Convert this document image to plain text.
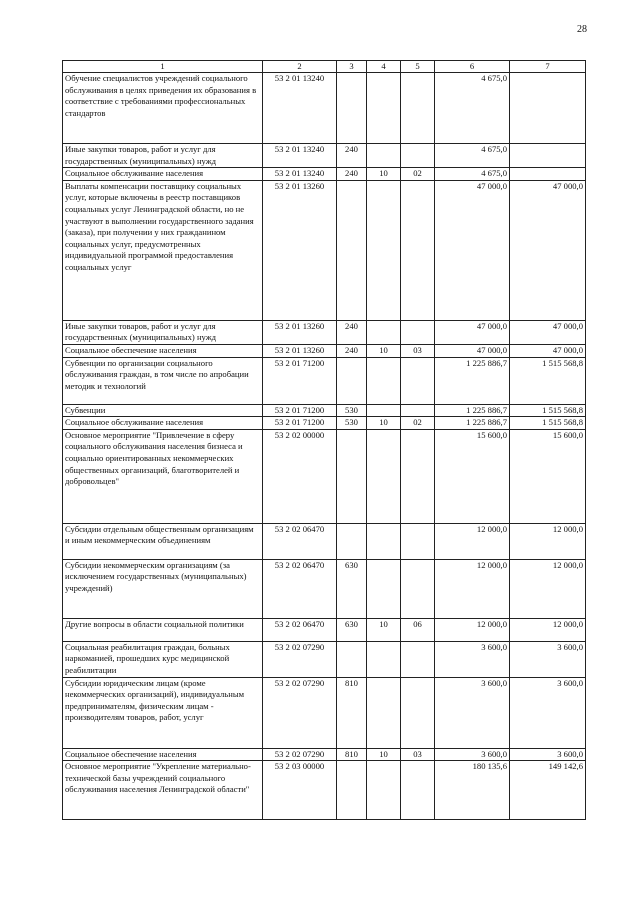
28
1	2	3	4	5	6	7
Обучение специалистов учреждений социального обслуживания в целях приведения их образования в соответствие с требованиями профессиональных стандартов	53 2 01 13240				4 675,0	
Иные закупки товаров, работ и услуг для государственных (муниципальных) нужд	53 2 01 13240	240			4 675,0	
Социальное обслуживание населения	53 2 01 13240	240	10	02	4 675,0	
Выплаты компенсации поставщику социальных услуг, которые включены в реестр поставщиков социальных услуг Ленинградской области, но не участвуют в выполнении государственного задания (заказа), при получении у них гражданином социальных услуг, предусмотренных индивидуальной программой предоставления социальных услуг	53 2 01 13260				47 000,0	47 000,0
Иные закупки товаров, работ и услуг для государственных (муниципальных) нужд	53 2 01 13260	240			47 000,0	47 000,0
Социальное обеспечение населения	53 2 01 13260	240	10	03	47 000,0	47 000,0
Субвенции по организации социального обслуживания граждан, в том числе по апробации методик и технологий	53 2 01 71200				1 225 886,7	1 515 568,8
Субвенции	53 2 01 71200	530			1 225 886,7	1 515 568,8
Социальное обслуживание населения	53 2 01 71200	530	10	02	1 225 886,7	1 515 568,8
Основное мероприятие "Привлечение в сферу социального обслуживания населения бизнеса и социально ориентированных некоммерческих общественных организаций, благотворителей и добровольцев"	53 2 02 00000				15 600,0	15 600,0
Субсидии отдельным общественным организациям и иным некоммерческим объединениям	53 2 02 06470				12 000,0	12 000,0
Субсидии некоммерческим организациям (за исключением государственных (муниципальных) учреждений)	53 2 02 06470	630			12 000,0	12 000,0
Другие вопросы в области социальной политики	53 2 02 06470	630	10	06	12 000,0	12 000,0
Социальная реабилитация граждан, больных наркоманией, прошедших курс медицинской реабилитации	53 2 02 07290				3 600,0	3 600,0
Субсидии юридическим лицам (кроме некоммерческих организаций), индивидуальным предпринимателям, физическим лицам - производителям товаров, работ, услуг	53 2 02 07290	810			3 600,0	3 600,0
Социальное обеспечение населения	53 2 02 07290	810	10	03	3 600,0	3 600,0
Основное мероприятие "Укрепление материально- технической базы учреждений социального обслуживания населения Ленинградской области"	53 2 03 00000				180 135,6	149 142,6
